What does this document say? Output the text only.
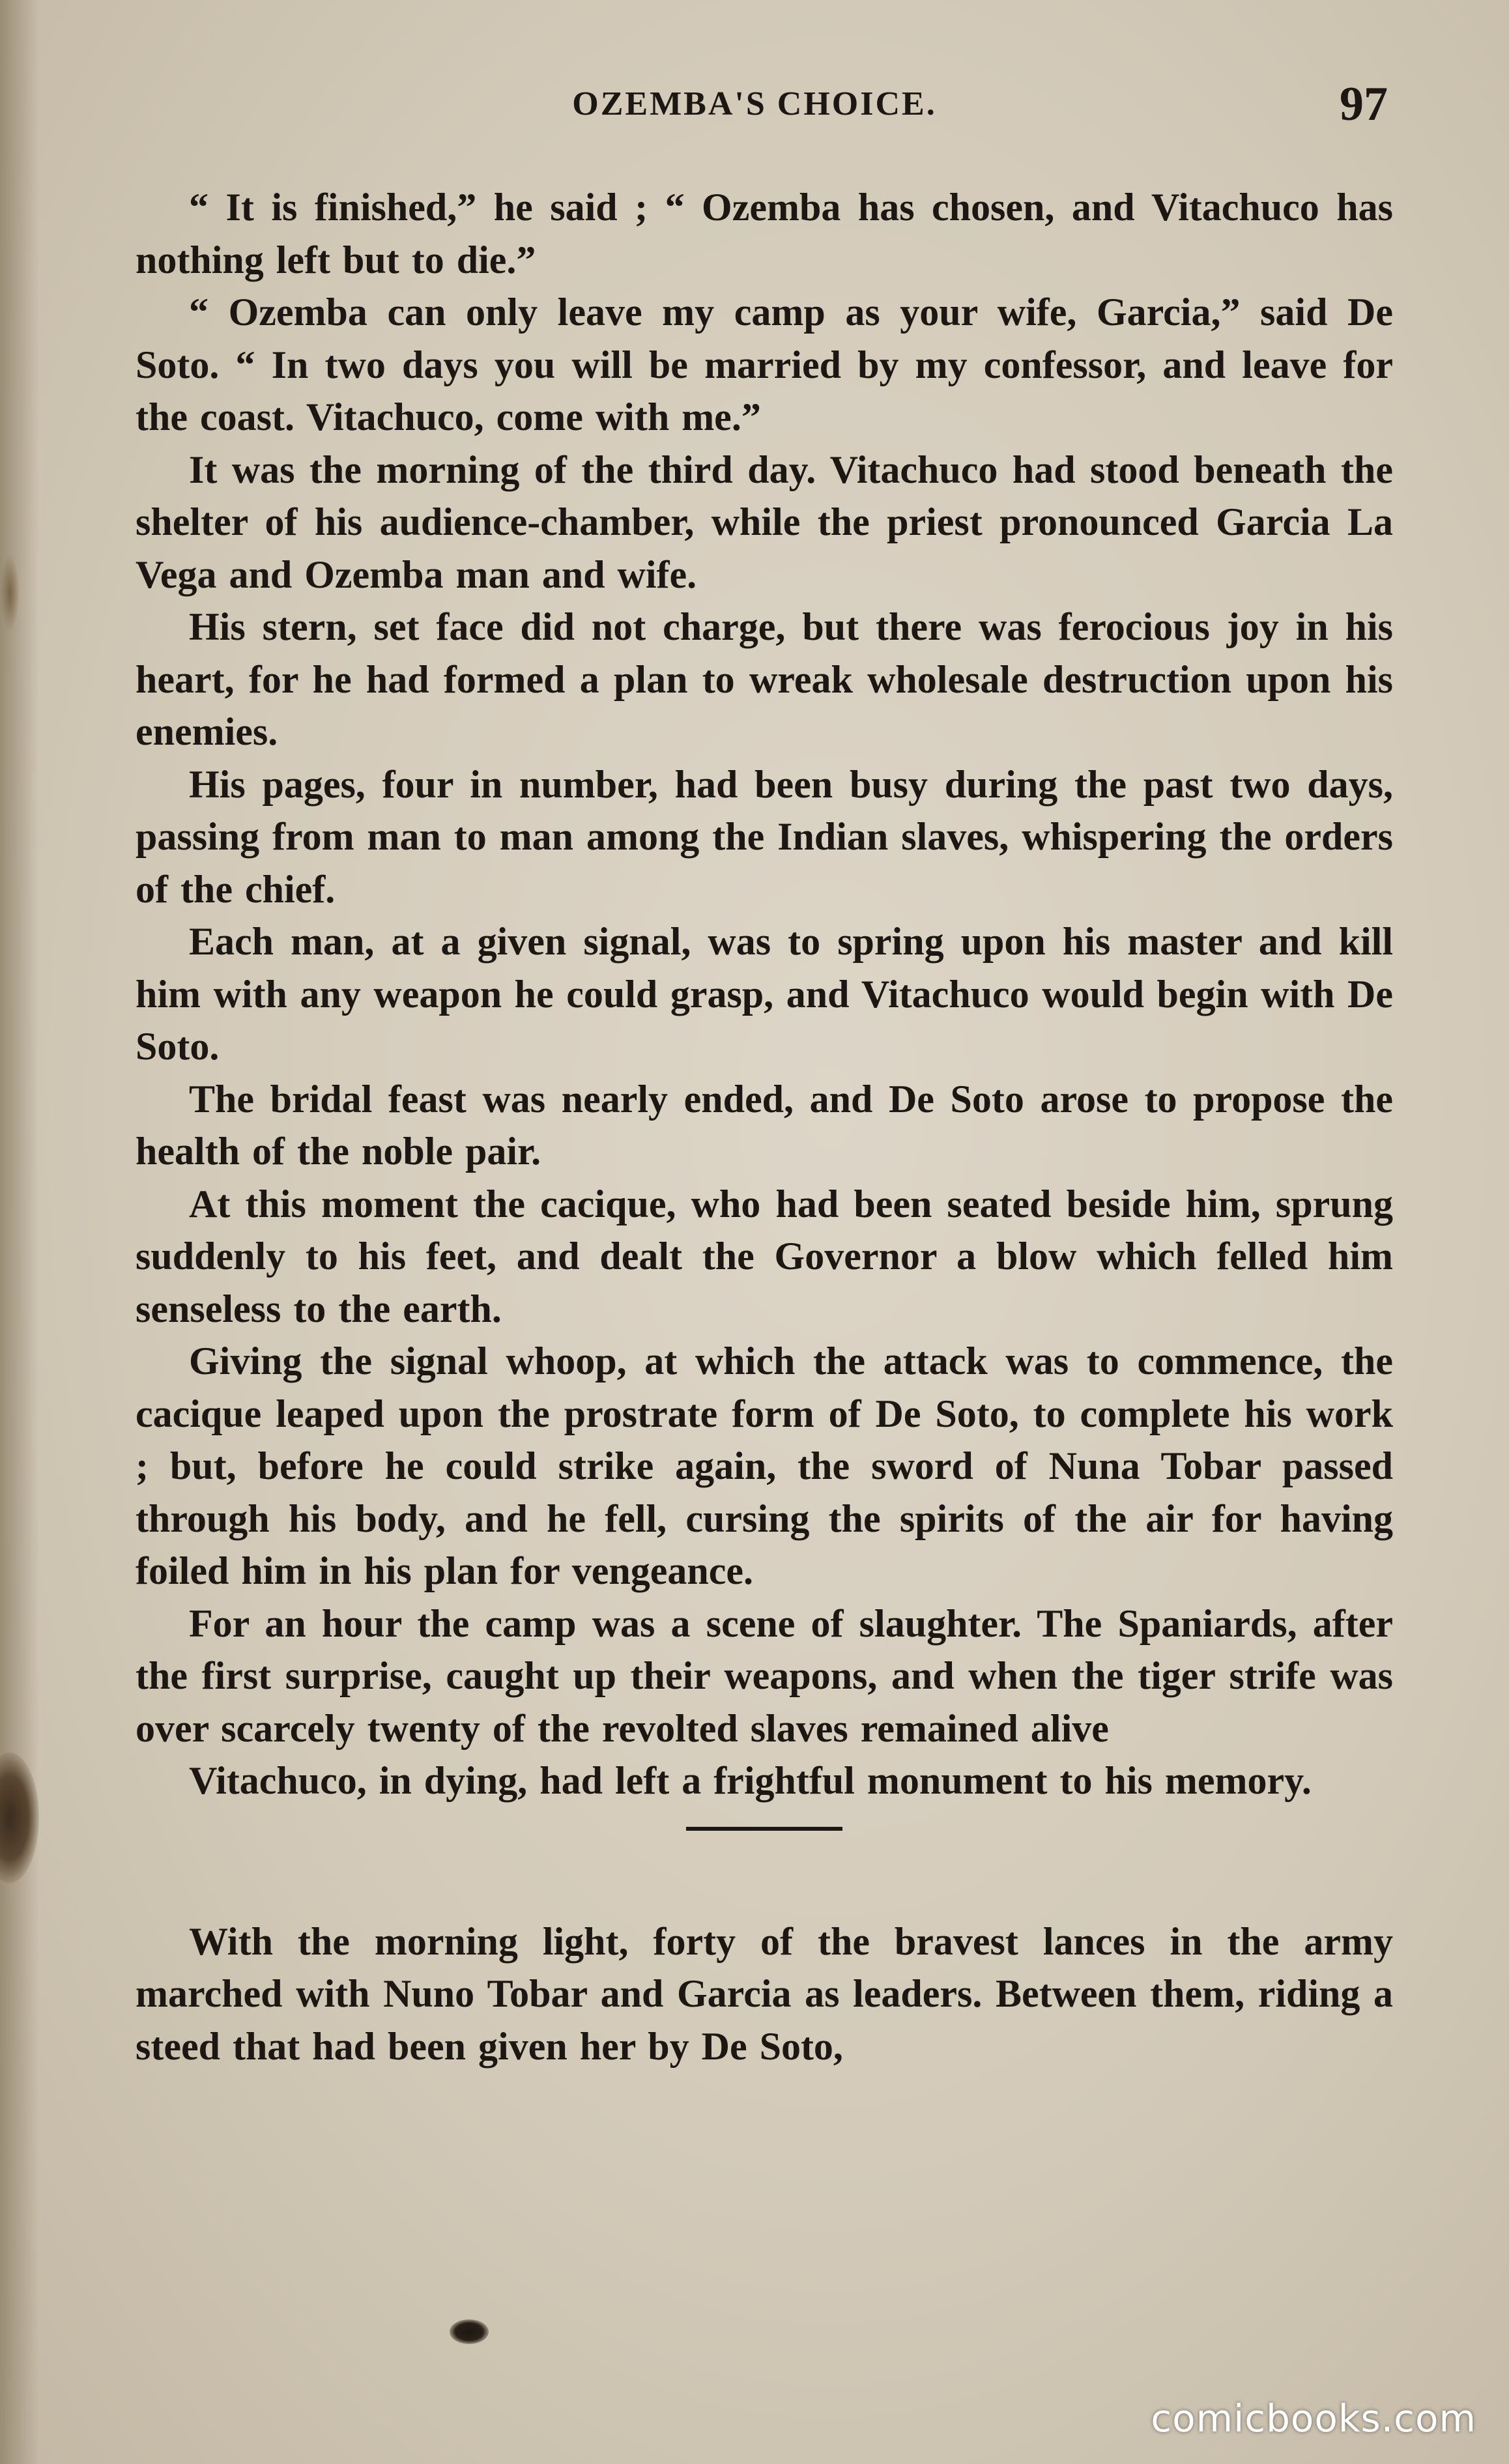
OZEMBA'S CHOICE.	97

“ It is finished,” he said ; “ Ozemba has chosen, and Vitachuco has nothing left but to die.”

“ Ozemba can only leave my camp as your wife, Garcia,” said De Soto. “ In two days you will be married by my confessor, and leave for the coast. Vitachuco, come with me.”

It was the morning of the third day. Vitachuco had stood beneath the shelter of his audience-chamber, while the priest pronounced Garcia La Vega and Ozemba man and wife.

His stern, set face did not charge, but there was ferocious joy in his heart, for he had formed a plan to wreak wholesale destruction upon his enemies.

His pages, four in number, had been busy during the past two days, passing from man to man among the Indian slaves, whispering the orders of the chief.

Each man, at a given signal, was to spring upon his master and kill him with any weapon he could grasp, and Vitachuco would begin with De Soto.

The bridal feast was nearly ended, and De Soto arose to propose the health of the noble pair.

At this moment the cacique, who had been seated beside him, sprung suddenly to his feet, and dealt the Governor a blow which felled him senseless to the earth.

Giving the signal whoop, at which the attack was to commence, the cacique leaped upon the prostrate form of De Soto, to complete his work ; but, before he could strike again, the sword of Nuna Tobar passed through his body, and he fell, cursing the spirits of the air for having foiled him in his plan for vengeance.

For an hour the camp was a scene of slaughter. The Spaniards, after the first surprise, caught up their weapons, and when the tiger strife was over scarcely twenty of the revolted slaves remained alive

Vitachuco, in dying, had left a frightful monument to his memory.

With the morning light, forty of the bravest lances in the army marched with Nuno Tobar and Garcia as leaders. Between them, riding a steed that had been given her by De Soto,

comicbooks.com
